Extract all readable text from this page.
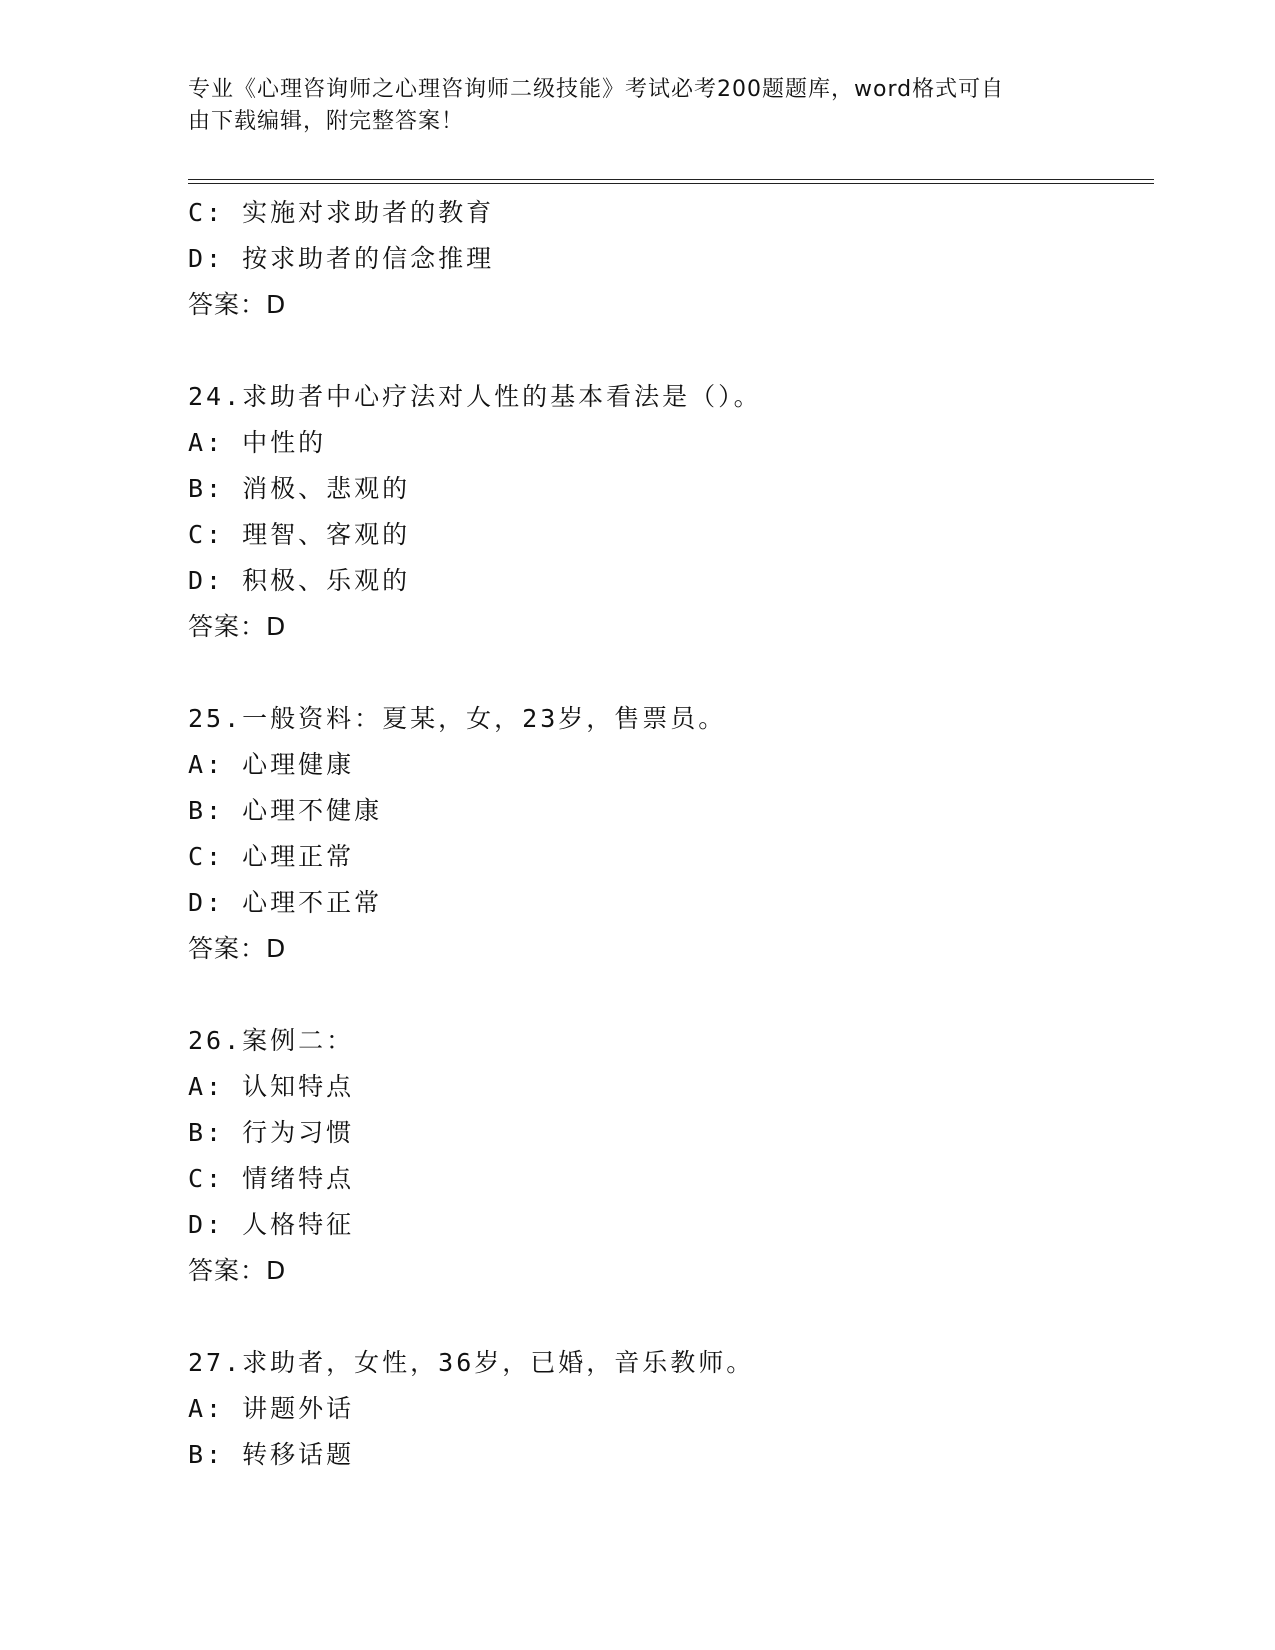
专业《心理咨询师之心理咨询师二级技能》考试必考200题题库，word格式可自
由下载编辑，附完整答案！
C: 实施对求助者的教育
D: 按求助者的信念推理
答案：D
24.求助者中心疗法对人性的基本看法是（）。
A: 中性的
B: 消极、悲观的
C: 理智、客观的
D: 积极、乐观的
答案：D
25.一般资料：夏某，女，23岁，售票员。
A: 心理健康
B: 心理不健康
C: 心理正常
D: 心理不正常
答案：D
26.案例二：
A: 认知特点
B: 行为习惯
C: 情绪特点
D: 人格特征
答案：D
27.求助者，女性，36岁，已婚，音乐教师。
A: 讲题外话
B: 转移话题
